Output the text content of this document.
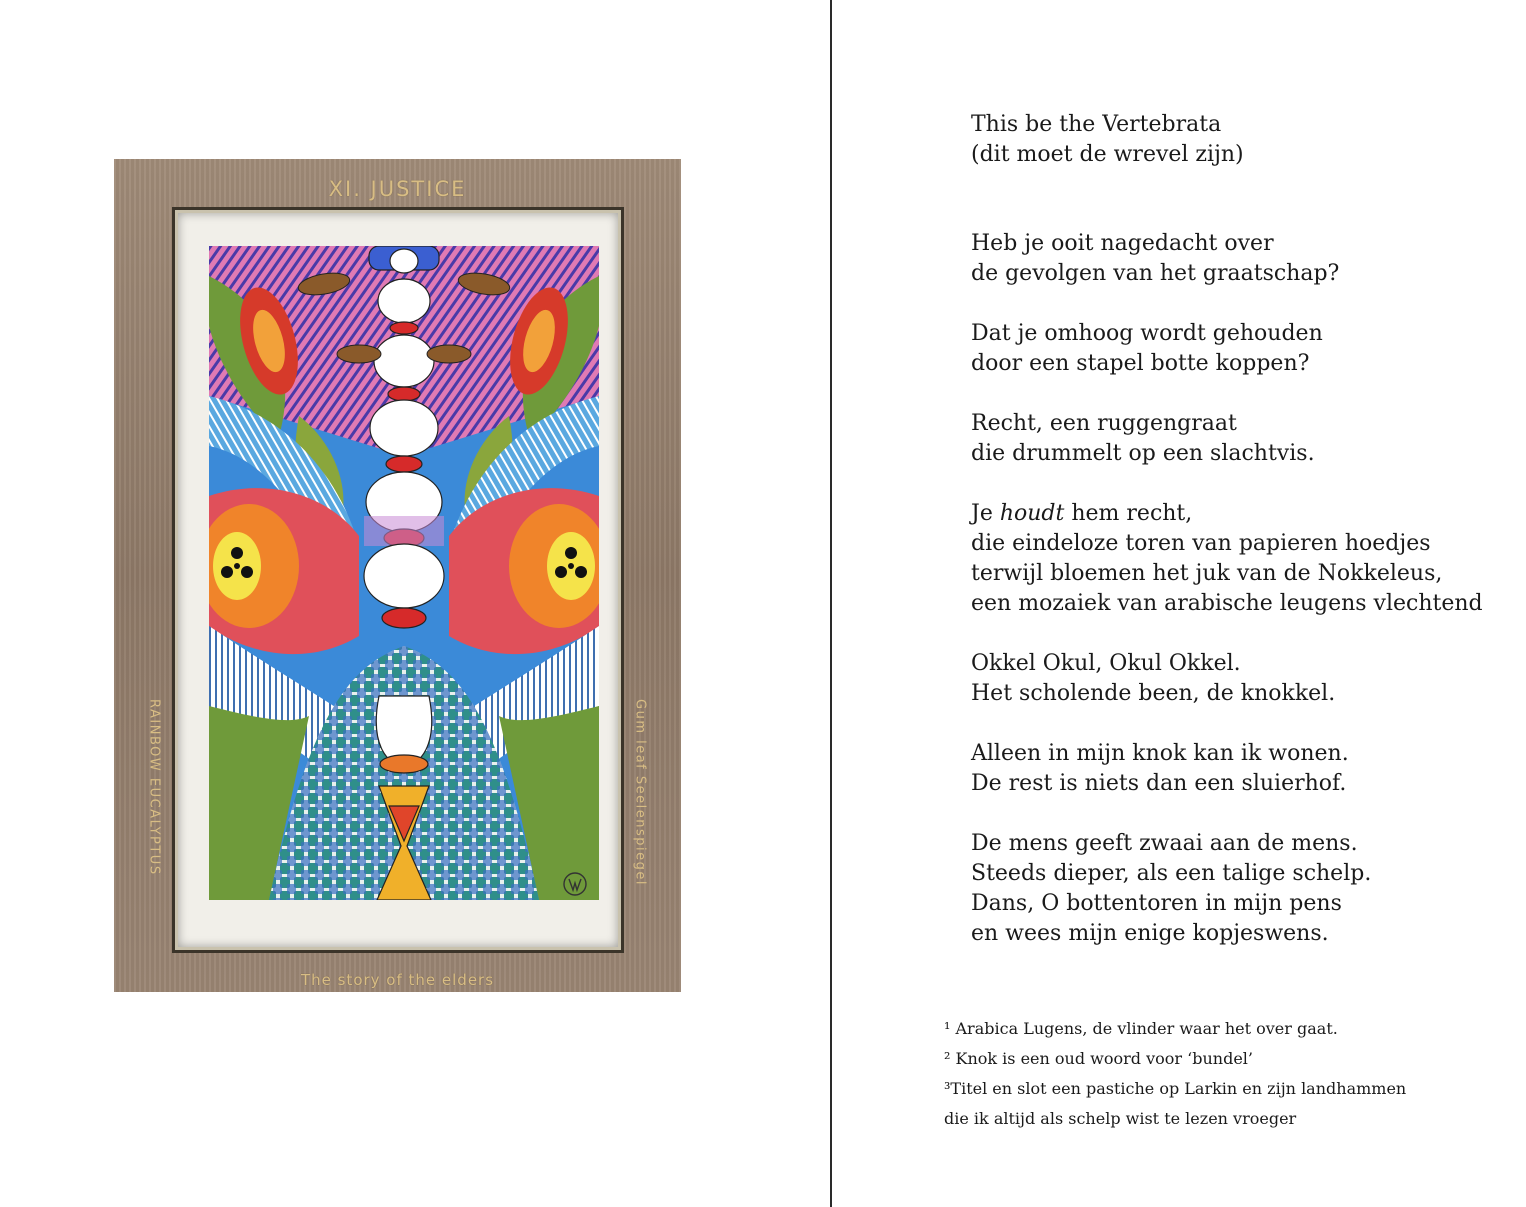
XI. JUSTICE
RAINBOW EUCALYPTUS	Gum leaf Seelenspiegel
The story of the elders
This be the Vertebrata
(dit moet de wrevel zijn)
Heb je ooit nagedacht over
de gevolgen van het graatschap?
Dat je omhoog wordt gehouden
door een stapel botte koppen?
Recht, een ruggengraat
die drummelt op een slachtvis.
Je houdt hem recht,
die eindeloze toren van papieren hoedjes
terwijl bloemen het juk van de Nokkeleus,
een mozaiek van arabische leugens vlechtend
Okkel Okul, Okul Okkel.
Het scholende been, de knokkel.
Alleen in mijn knok kan ik wonen.
De rest is niets dan een sluierhof.
De mens geeft zwaai aan de mens.
Steeds dieper, als een talige schelp.
Dans, O bottentoren in mijn pens
en wees mijn enige kopjeswens.
¹ Arabica Lugens, de vlinder waar het over gaat.
² Knok is een oud woord voor ‘bundel’
³Titel en slot een pastiche op Larkin en zijn landhammen
die ik altijd als schelp wist te lezen vroeger
